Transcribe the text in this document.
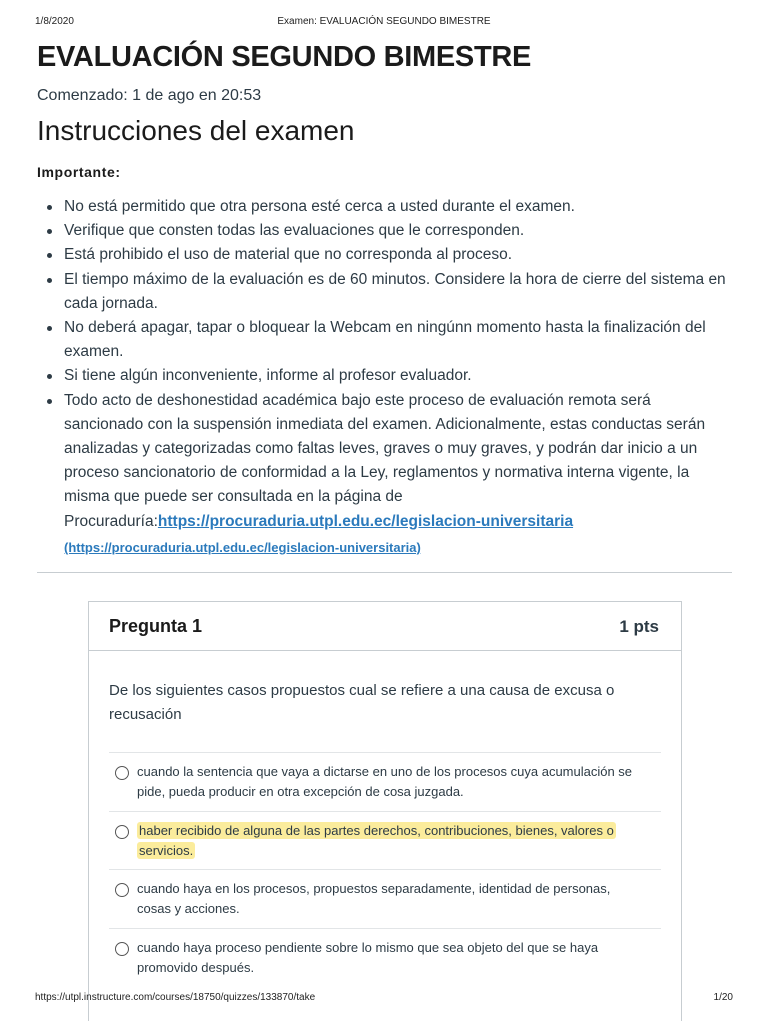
1/8/2020	Examen: EVALUACIÓN SEGUNDO BIMESTRE
EVALUACIÓN SEGUNDO BIMESTRE
Comenzado: 1 de ago en 20:53
Instrucciones del examen
Importante:
No está permitido que otra persona esté cerca a usted durante el examen.
Verifique que consten todas las evaluaciones que le corresponden.
Está prohibido el uso de material que no corresponda al proceso.
El tiempo máximo de la evaluación es de 60 minutos. Considere la hora de cierre del sistema en cada jornada.
No deberá apagar, tapar o bloquear la Webcam en ningúnn momento hasta la finalización del examen.
Si tiene algún inconveniente, informe al profesor evaluador.
Todo acto de deshonestidad académica bajo este proceso de evaluación remota será sancionado con la suspensión inmediata del examen. Adicionalmente, estas conductas serán analizadas y categorizadas como faltas leves, graves o muy graves, y podrán dar inicio a un proceso sancionatorio de conformidad a la Ley, reglamentos y normativa interna vigente, la misma que puede ser consultada en la página de Procuraduría:https://procuraduria.utpl.edu.ec/legislacion-universitaria
(https://procuraduria.utpl.edu.ec/legislacion-universitaria)
Pregunta 1	1 pts
De los siguientes casos propuestos cual se refiere a una causa de excusa o recusación
cuando la sentencia que vaya a dictarse en uno de los procesos cuya acumulación se pide, pueda producir en otra excepción de cosa juzgada.
haber recibido de alguna de las partes derechos, contribuciones, bienes, valores o servicios.
cuando haya en los procesos, propuestos separadamente, identidad de personas, cosas y acciones.
cuando haya proceso pendiente sobre lo mismo que sea objeto del que se haya promovido después.
https://utpl.instructure.com/courses/18750/quizzes/133870/take	1/20
